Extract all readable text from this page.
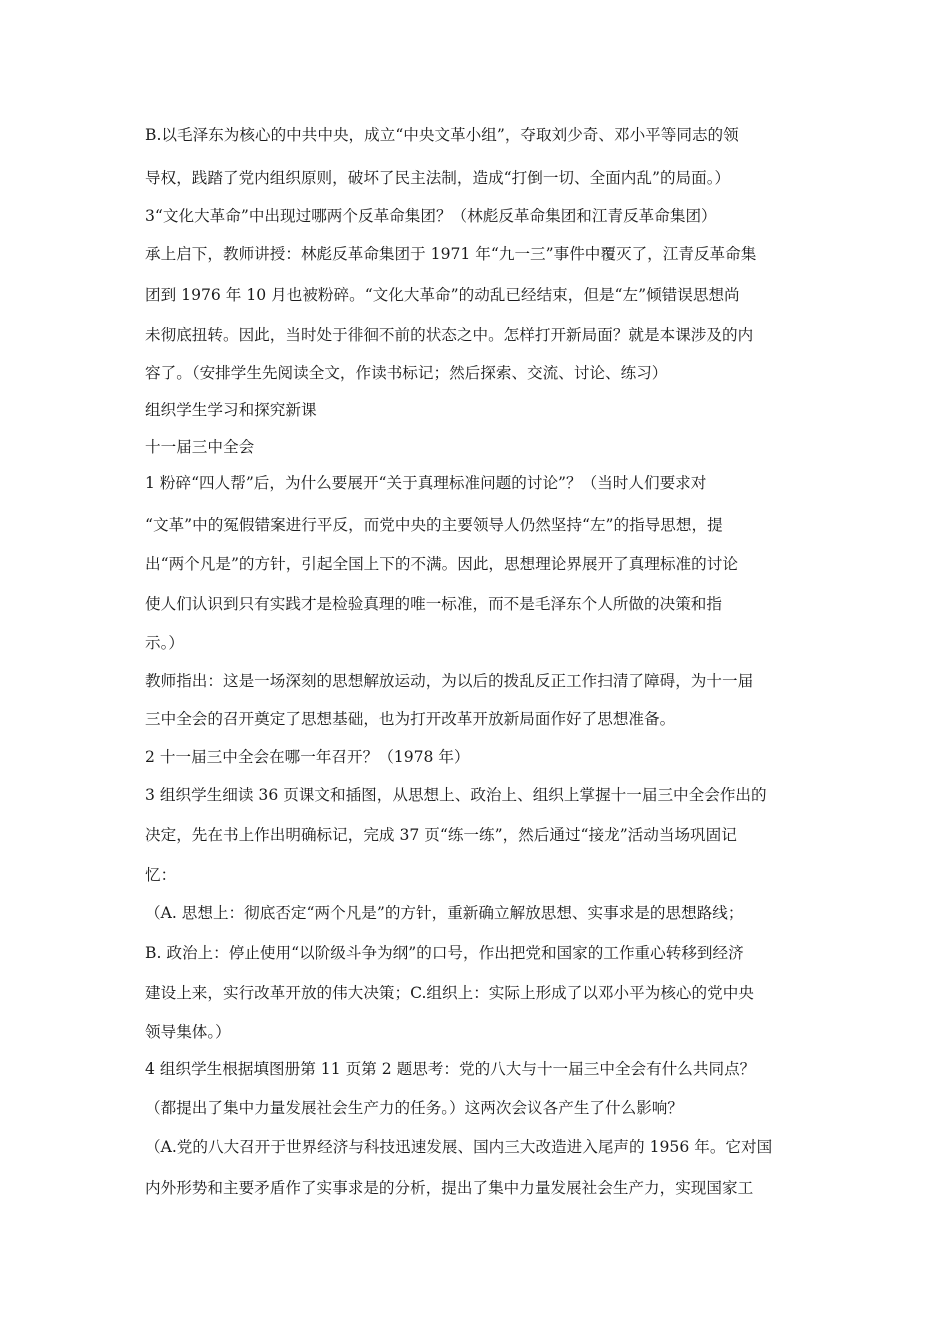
B.以毛泽东为核心的中共中央，成立“中央文革小组”，夺取刘少奇、邓小平等同志的领
导权，践踏了党内组织原则，破坏了民主法制，造成“打倒一切、全面内乱”的局面。）
3“文化大革命”中出现过哪两个反革命集团？（林彪反革命集团和江青反革命集团）
承上启下，教师讲授：林彪反革命集团于 1971 年“九一三”事件中覆灭了，江青反革命集
团到 1976 年 10 月也被粉碎。“文化大革命”的动乱已经结束，但是“左”倾错误思想尚
未彻底扭转。因此，当时处于徘徊不前的状态之中。怎样打开新局面？就是本课涉及的内
容了。（安排学生先阅读全文，作读书标记；然后探索、交流、讨论、练习）
组织学生学习和探究新课
十一届三中全会
1 粉碎“四人帮”后，为什么要展开“关于真理标准问题的讨论”？（当时人们要求对
“文革”中的冤假错案进行平反，而党中央的主要领导人仍然坚持“左”的指导思想，提
出“两个凡是”的方针，引起全国上下的不满。因此，思想理论界展开了真理标准的讨论
使人们认识到只有实践才是检验真理的唯一标准，而不是毛泽东个人所做的决策和指
示。）
教师指出：这是一场深刻的思想解放运动，为以后的拨乱反正工作扫清了障碍，为十一届
三中全会的召开奠定了思想基础，也为打开改革开放新局面作好了思想准备。
2 十一届三中全会在哪一年召开？（1978 年）
3 组织学生细读 36 页课文和插图，从思想上、政治上、组织上掌握十一届三中全会作出的
决定，先在书上作出明确标记，完成 37 页“练一练”，然后通过“接龙”活动当场巩固记
忆：
（A. 思想上：彻底否定“两个凡是”的方针，重新确立解放思想、实事求是的思想路线；
B. 政治上：停止使用“以阶级斗争为纲”的口号，作出把党和国家的工作重心转移到经济
建设上来，实行改革开放的伟大决策；C.组织上：实际上形成了以邓小平为核心的党中央
领导集体。）
4 组织学生根据填图册第 11 页第 2 题思考：党的八大与十一届三中全会有什么共同点？
（都提出了集中力量发展社会生产力的任务。）这两次会议各产生了什么影响？
（A.党的八大召开于世界经济与科技迅速发展、国内三大改造进入尾声的 1956 年。它对国
内外形势和主要矛盾作了实事求是的分析，提出了集中力量发展社会生产力，实现国家工
